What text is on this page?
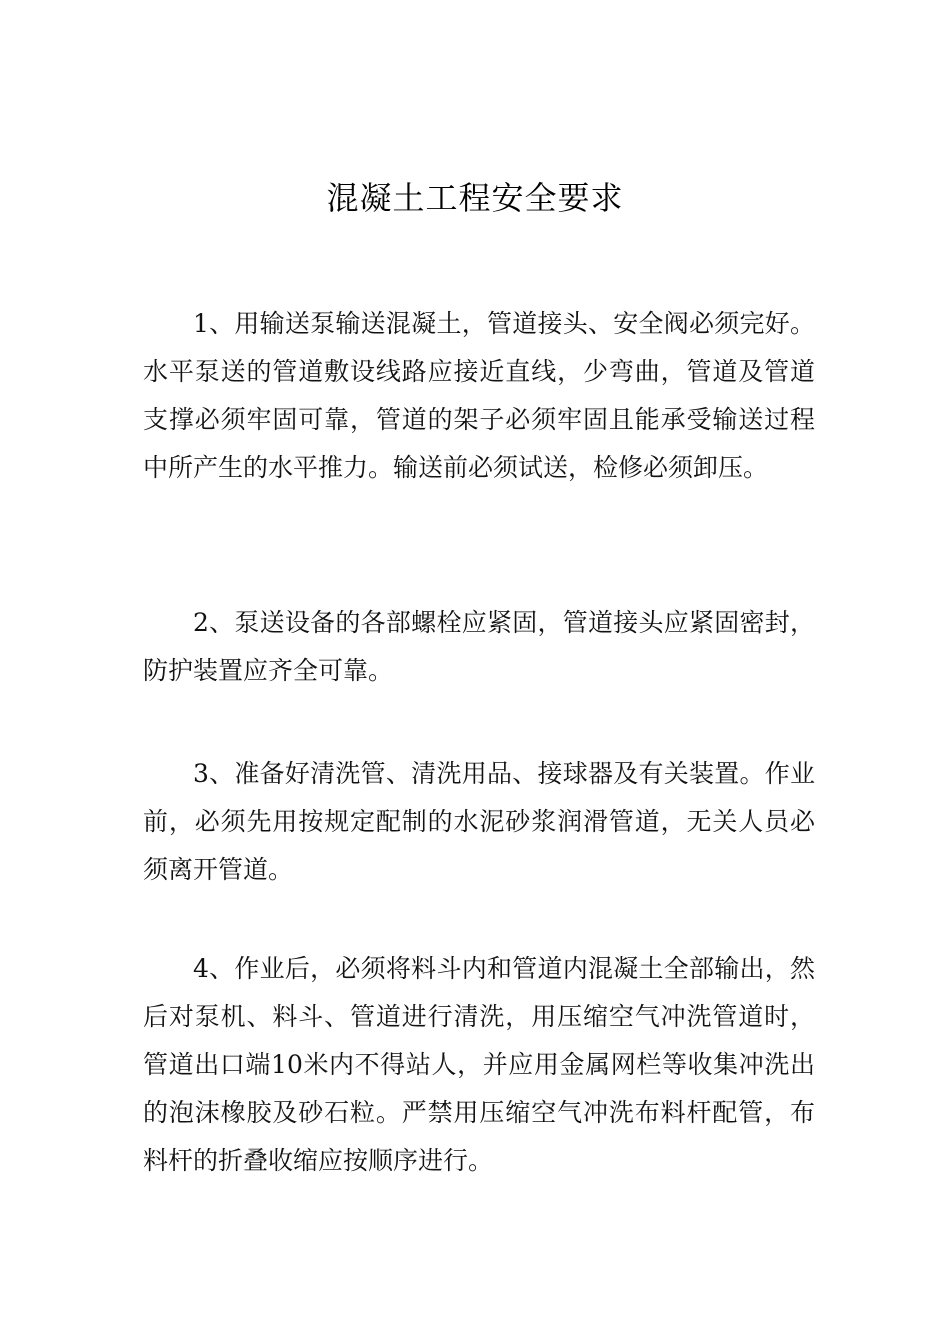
混凝土工程安全要求

1、用输送泵输送混凝土，管道接头、安全阀必须完好。水平泵送的管道敷设线路应接近直线，少弯曲，管道及管道支撑必须牢固可靠，管道的架子必须牢固且能承受输送过程中所产生的水平推力。输送前必须试送，检修必须卸压。

2、泵送设备的各部螺栓应紧固，管道接头应紧固密封，防护装置应齐全可靠。

3、准备好清洗管、清洗用品、接球器及有关装置。作业前，必须先用按规定配制的水泥砂浆润滑管道，无关人员必须离开管道。

4、作业后，必须将料斗内和管道内混凝土全部输出，然后对泵机、料斗、管道进行清洗，用压缩空气冲洗管道时，管道出口端10米内不得站人，并应用金属网栏等收集冲洗出的泡沫橡胶及砂石粒。严禁用压缩空气冲洗布料杆配管，布料杆的折叠收缩应按顺序进行。
